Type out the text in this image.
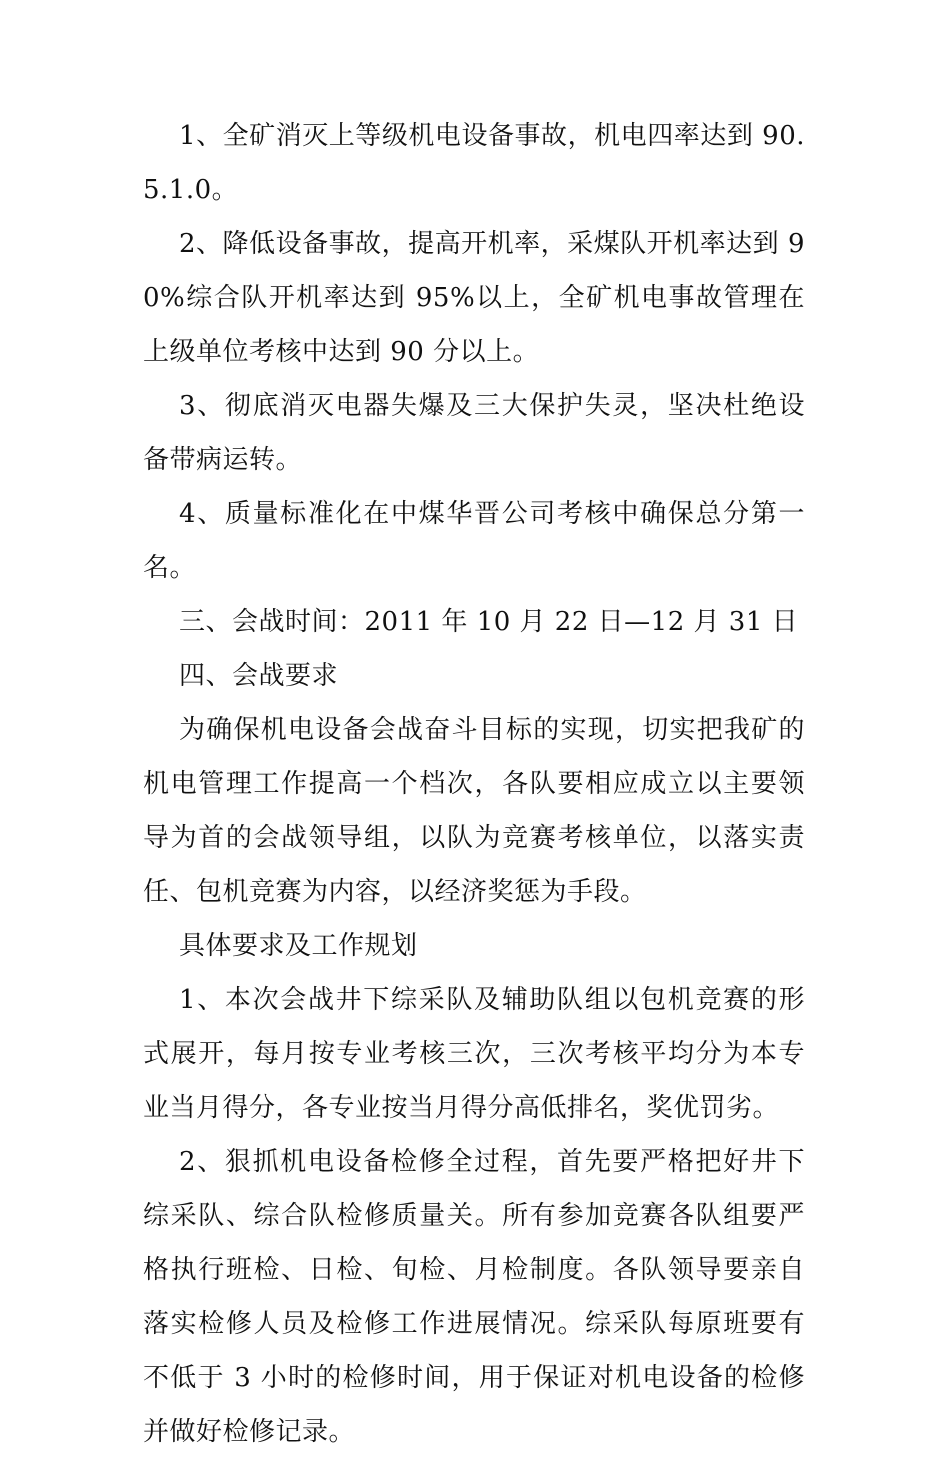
1、全矿消灭上等级机电设备事故，机电四率达到 90.5.1.0。

2、降低设备事故，提高开机率，采煤队开机率达到 90%综合队开机率达到 95%以上，全矿机电事故管理在上级单位考核中达到 90 分以上。

3、彻底消灭电器失爆及三大保护失灵，坚决杜绝设备带病运转。

4、质量标准化在中煤华晋公司考核中确保总分第一名。

三、会战时间：2011 年 10 月 22 日—12 月 31 日

四、会战要求

为确保机电设备会战奋斗目标的实现，切实把我矿的机电管理工作提高一个档次，各队要相应成立以主要领导为首的会战领导组，以队为竞赛考核单位，以落实责任、包机竞赛为内容，以经济奖惩为手段。

具体要求及工作规划

1、本次会战井下综采队及辅助队组以包机竞赛的形式展开，每月按专业考核三次，三次考核平均分为本专业当月得分，各专业按当月得分高低排名，奖优罚劣。

2、狠抓机电设备检修全过程，首先要严格把好井下综采队、综合队检修质量关。所有参加竞赛各队组要严格执行班检、日检、旬检、月检制度。各队领导要亲自落实检修人员及检修工作进展情况。综采队每原班要有不低于 3 小时的检修时间，用于保证对机电设备的检修并做好检修记录。
